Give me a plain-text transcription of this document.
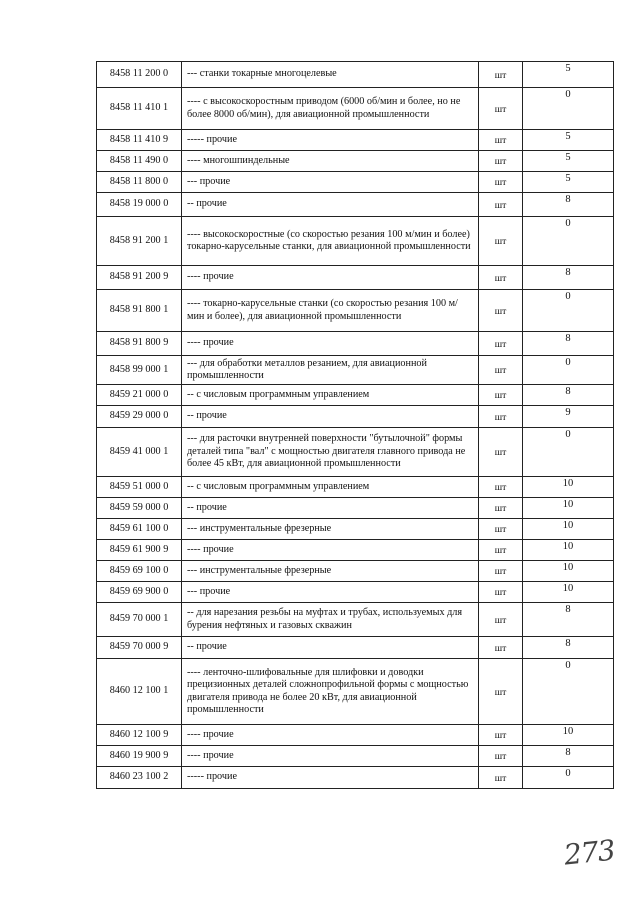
8458 11 200 0	--- станки токарные многоцелевые	шт	5
8458 11 410 1	---- с высокоскоростным приводом (6000 об/мин и более, но не более 8000 об/мин), для авиационной промышленности	шт	0
8458 11 410 9	----- прочие	шт	5
8458 11 490 0	---- многошпиндельные	шт	5
8458 11 800 0	--- прочие	шт	5
8458 19 000 0	-- прочие	шт	8
8458 91 200 1	---- высокоскоростные (со скоростью резания 100 м/мин и более) токарно-карусельные станки, для авиационной промышленности	шт	0
8458 91 200 9	---- прочие	шт	8
8458 91 800 1	---- токарно-карусельные станки (со скоростью резания 100 м/мин и более), для авиационной промышленности	шт	0
8458 91 800 9	---- прочие	шт	8
8458 99 000 1	--- для обработки металлов резанием, для авиационной промышленности	шт	0
8459 21 000 0	-- с числовым программным управлением	шт	8
8459 29 000 0	-- прочие	шт	9
8459 41 000 1	--- для расточки внутренней поверхности "бутылочной" формы деталей типа "вал" с мощностью двигателя главного привода не более 45 кВт, для авиационной промышленности	шт	0
8459 51 000 0	-- с числовым программным управлением	шт	10
8459 59 000 0	-- прочие	шт	10
8459 61 100 0	--- инструментальные фрезерные	шт	10
8459 61 900 9	---- прочие	шт	10
8459 69 100 0	--- инструментальные фрезерные	шт	10
8459 69 900 0	--- прочие	шт	10
8459 70 000 1	-- для нарезания резьбы на муфтах и трубах, используемых для бурения нефтяных и газовых скважин	шт	8
8459 70 000 9	-- прочие	шт	8
8460 12 100 1	---- ленточно-шлифовальные для шлифовки и доводки прецизионных деталей сложнопрофильной формы с мощностью двигателя привода не более 20 кВт, для авиационной промышленности	шт	0
8460 12 100 9	---- прочие	шт	10
8460 19 900 9	---- прочие	шт	8
8460 23 100 2	----- прочие	шт	0
273
